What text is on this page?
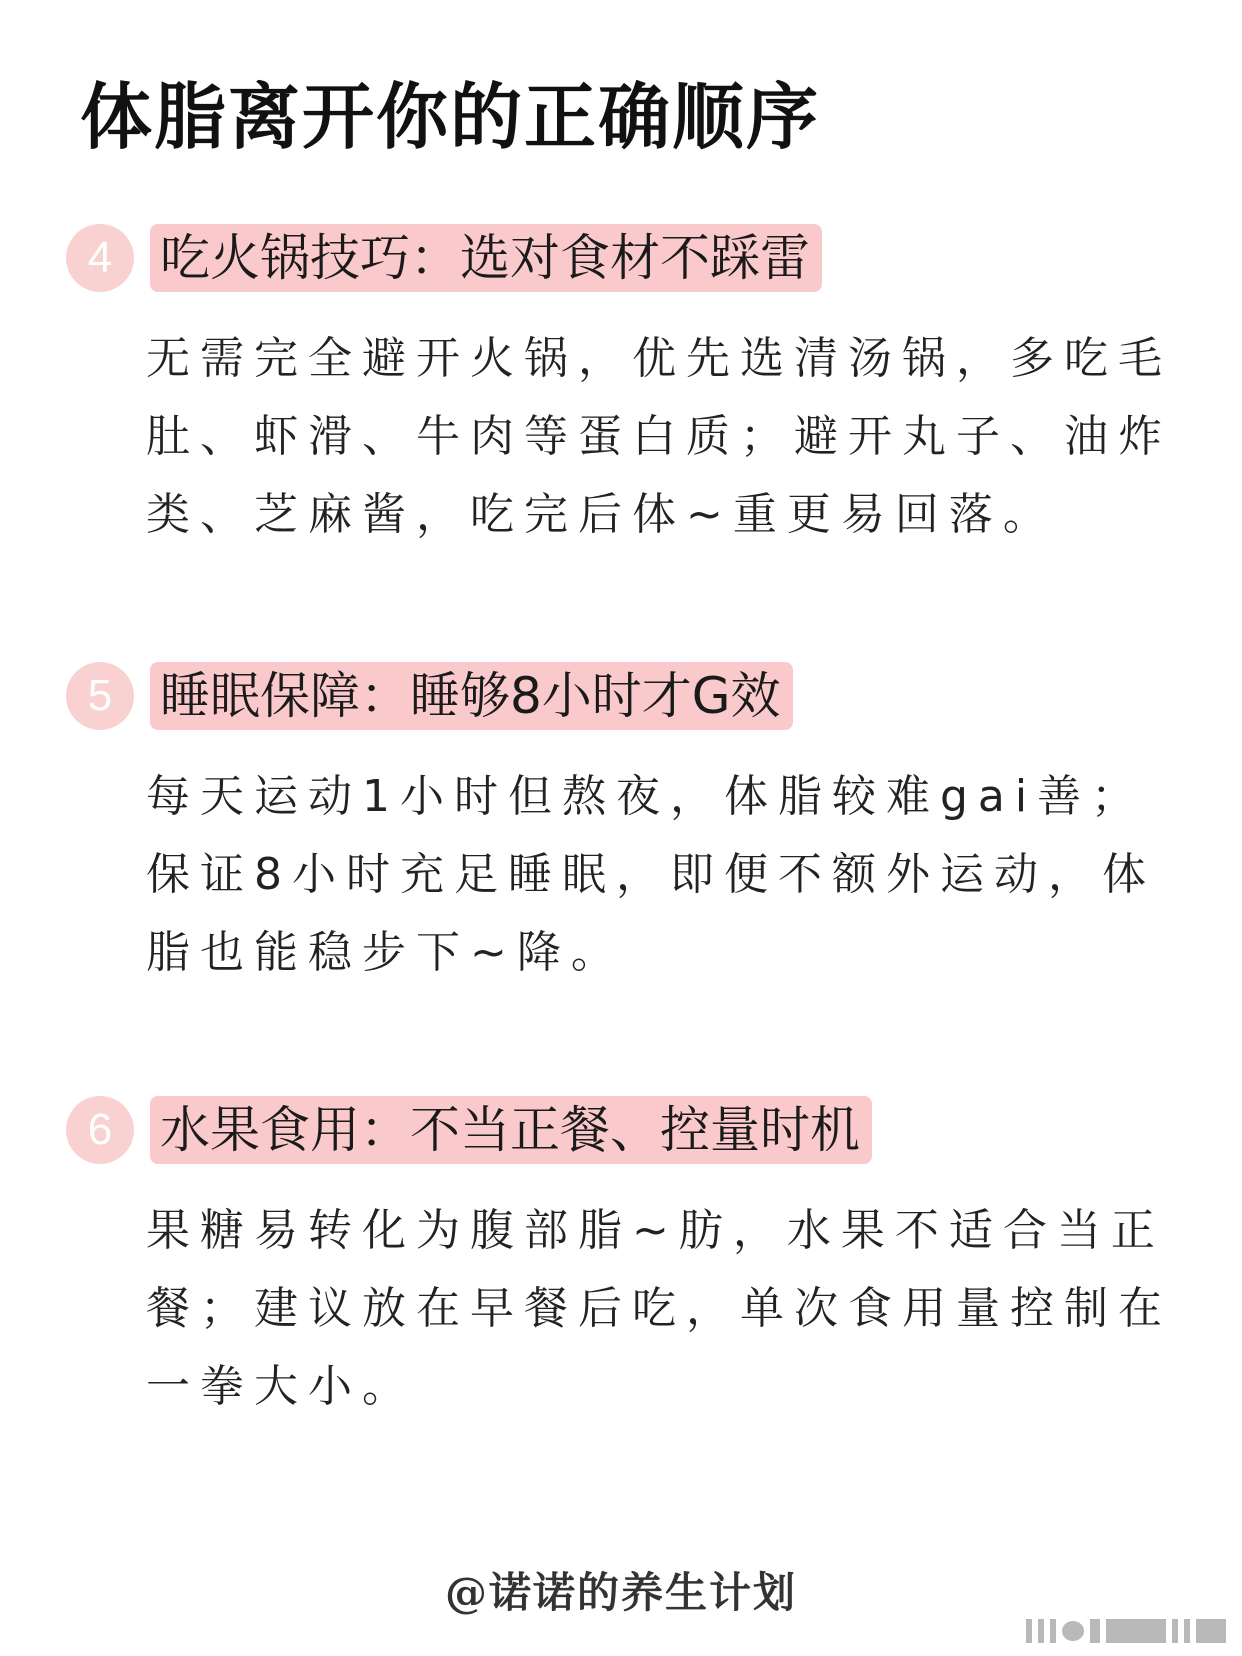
体脂离开你的正确顺序
4 吃火锅技巧：选对食材不踩雷

无需完全避开火锅，优先选清汤锅，多吃毛肚、虾滑、牛肉等蛋白质；避开丸子、油炸类、芝麻酱，吃完后体~重更易回落。

5 睡眠保障：睡够8小时才G效

每天运动1小时但熬夜，体脂较难gai善；保证8小时充足睡眠，即便不额外运动，体脂也能稳步下~降。

6 水果食用：不当正餐、控量时机

果糖易转化为腹部脂~肪，水果不适合当正餐；建议放在早餐后吃，单次食用量控制在一拳大小。

@诺诺的养生计划
